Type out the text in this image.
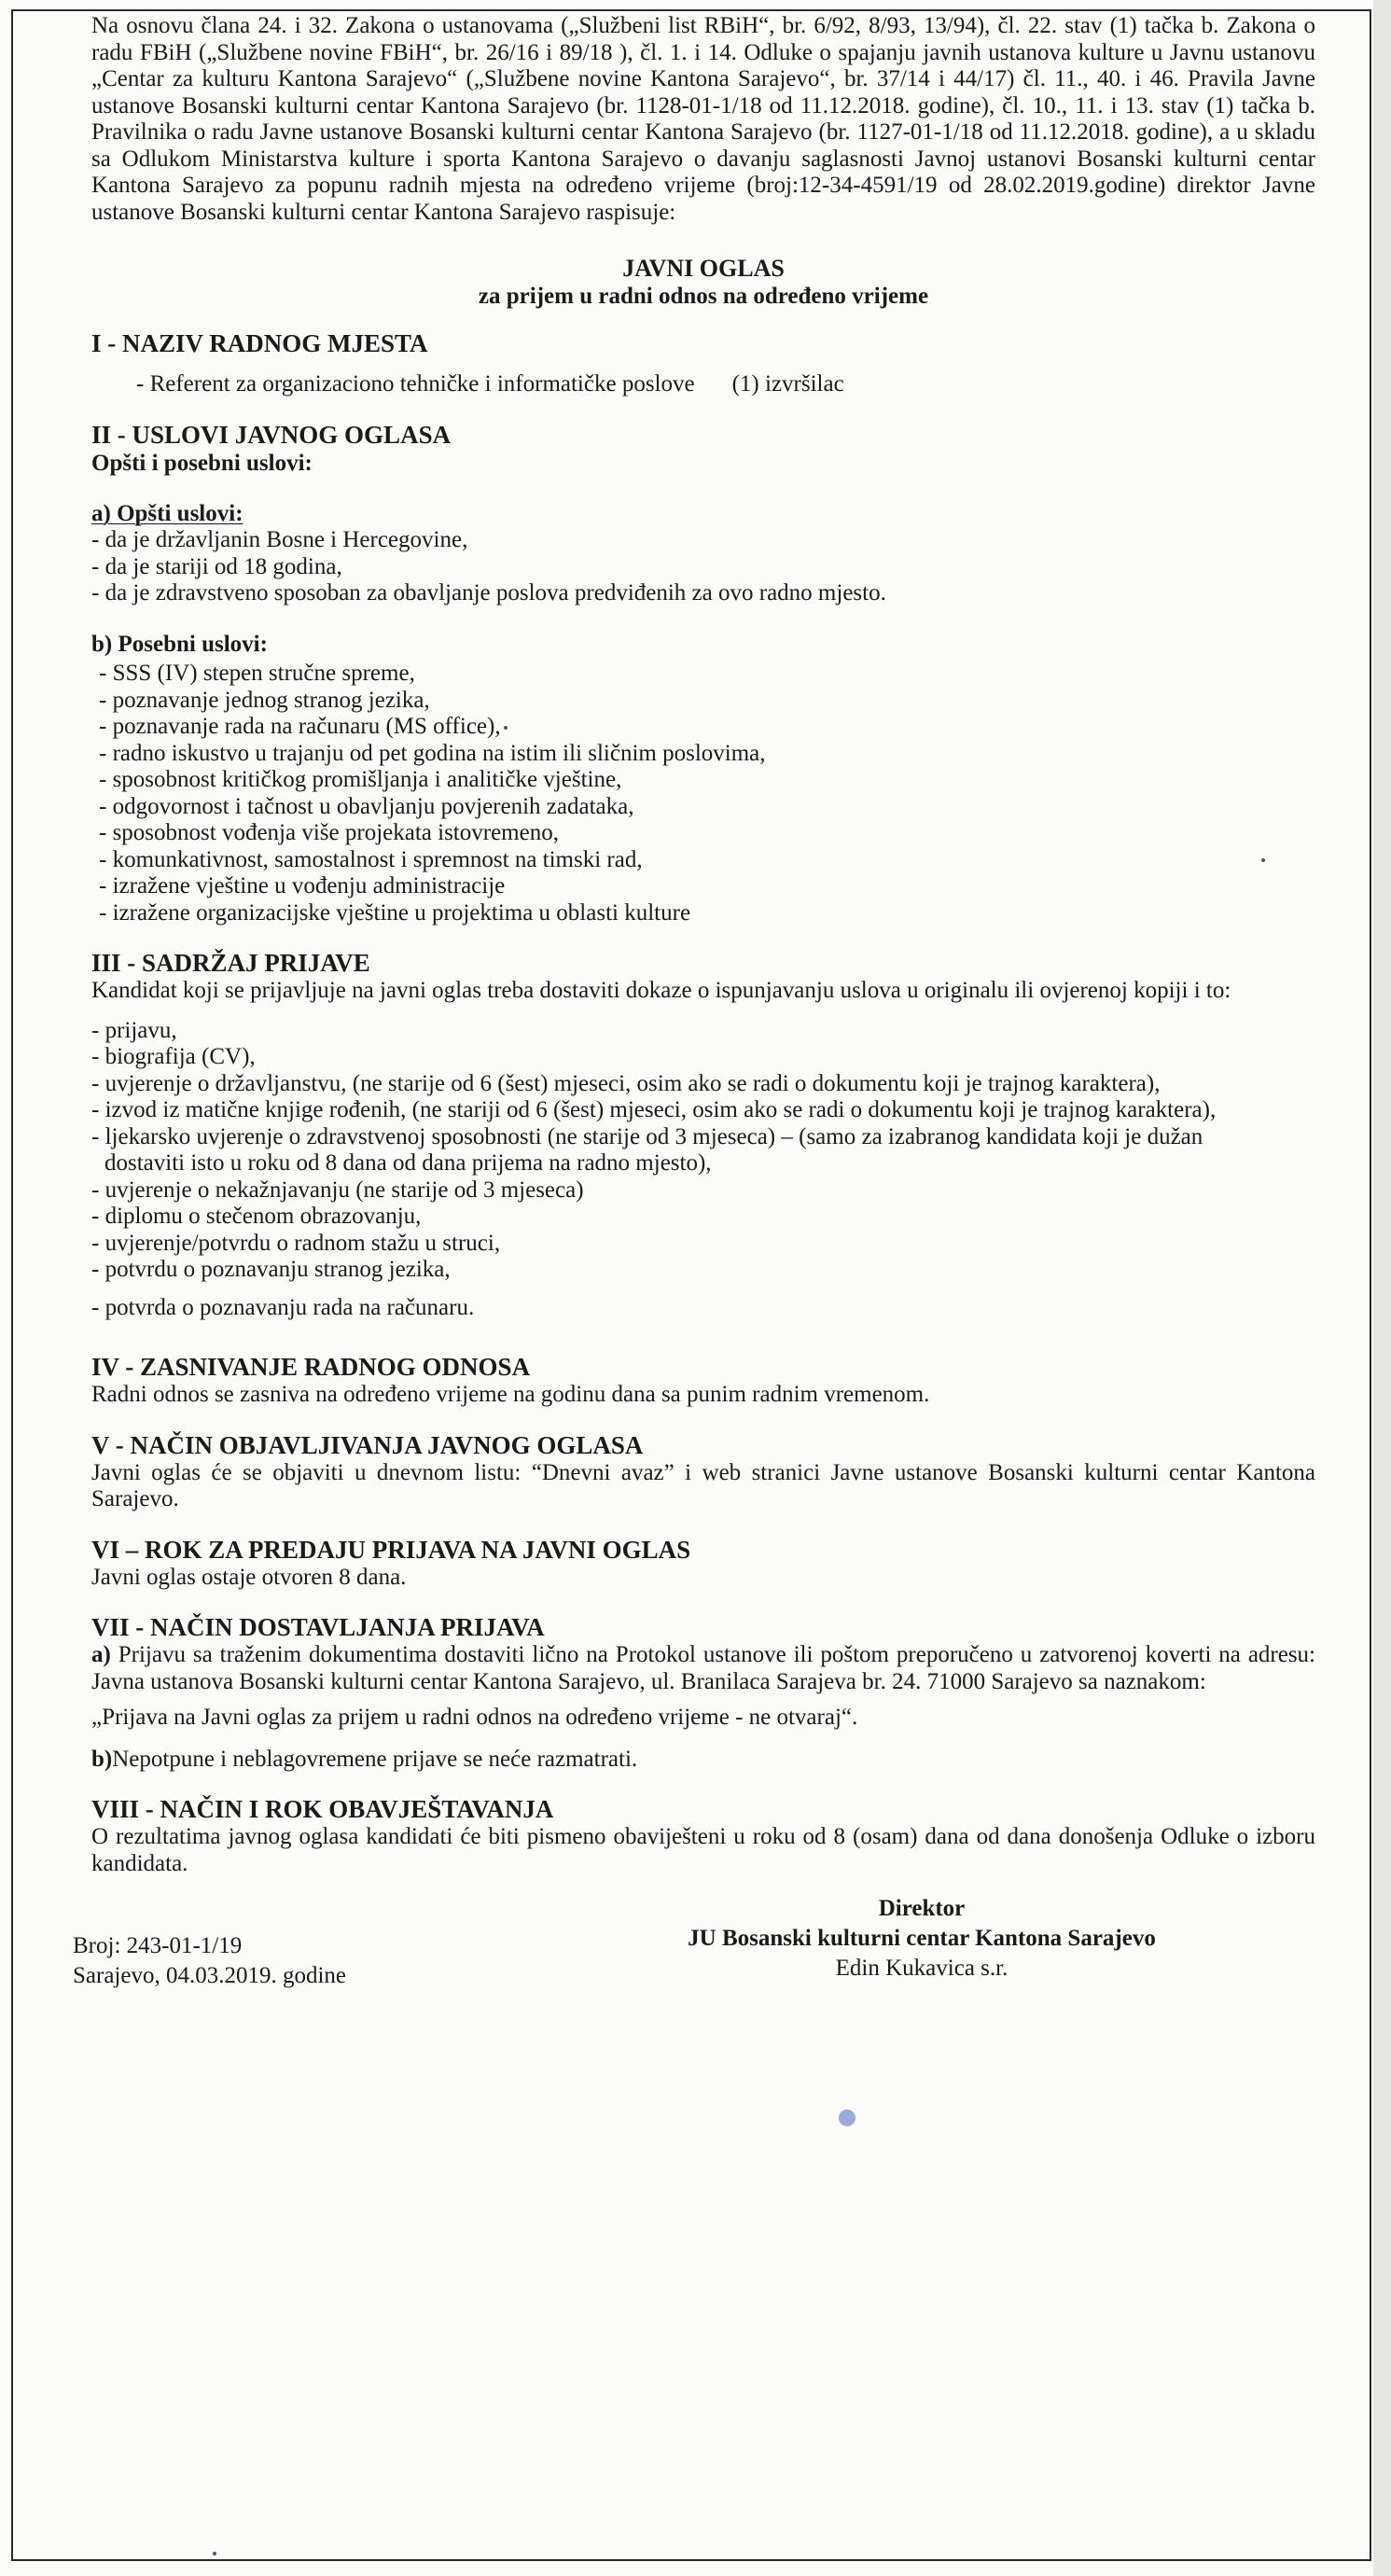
Na osnovu člana 24. i 32. Zakona o ustanovama („Službeni list RBiH“, br. 6/92, 8/93, 13/94), čl. 22. stav (1) tačka b. Zakona o radu FBiH („Službene novine FBiH“, br. 26/16 i 89/18 ), čl. 1. i 14. Odluke o spajanju javnih ustanova kulture u Javnu ustanovu „Centar za kulturu Kantona Sarajevo“ („Službene novine Kantona Sarajevo“, br. 37/14 i 44/17) čl. 11., 40. i 46. Pravila Javne ustanove Bosanski kulturni centar Kantona Sarajevo (br. 1128-01-1/18 od 11.12.2018. godine), čl. 10., 11. i 13. stav (1) tačka b. Pravilnika o radu Javne ustanove Bosanski kulturni centar Kantona Sarajevo (br. 1127-01-1/18 od 11.12.2018. godine), a u skladu sa Odlukom Ministarstva kulture i sporta Kantona Sarajevo o davanju saglasnosti Javnoj ustanovi Bosanski kulturni centar Kantona Sarajevo za popunu radnih mjesta na određeno vrijeme (broj:12-34-4591/19 od 28.02.2019.godine) direktor Javne ustanove Bosanski kulturni centar Kantona Sarajevo raspisuje:

JAVNI OGLAS
za prijem u radni odnos na određeno vrijeme
I - NAZIV RADNOG MJESTA
- Referent za organizaciono tehničke i informatičke poslove (1) izvršilac
II - USLOVI JAVNOG OGLASA
Opšti i posebni uslovi:
a) Opšti uslovi:
- da je državljanin Bosne i Hercegovine,
- da je stariji od 18 godina,
- da je zdravstveno sposoban za obavljanje poslova predviđenih za ovo radno mjesto.
b) Posebni uslovi:
- SSS (IV) stepen stručne spreme,
- poznavanje jednog stranog jezika,
- poznavanje rada na računaru (MS office),
- radno iskustvo u trajanju od pet godina na istim ili sličnim poslovima,
- sposobnost kritičkog promišljanja i analitičke vještine,
- odgovornost i tačnost u obavljanju povjerenih zadataka,
- sposobnost vođenja više projekata istovremeno,
- komunkativnost, samostalnost i spremnost na timski rad,
- izražene vještine u vođenju administracije
- izražene organizacijske vještine u projektima u oblasti kulture
III - SADRŽAJ PRIJAVE

Kandidat koji se prijavljuje na javni oglas treba dostaviti dokaze o ispunjavanju uslova u originalu ili ovjerenoj kopiji i to:

- prijavu,
- biografija (CV),
- uvjerenje o državljanstvu, (ne starije od 6 (šest) mjeseci, osim ako se radi o dokumentu koji je trajnog karaktera),
- izvod iz matične knjige rođenih, (ne stariji od 6 (šest) mjeseci, osim ako se radi o dokumentu koji je trajnog karaktera),
- ljekarsko uvjerenje o zdravstvenoj sposobnosti (ne starije od 3 mjeseca) – (samo za izabranog kandidata koji je dužan dostaviti isto u roku od 8 dana od dana prijema na radno mjesto),
- uvjerenje o nekažnjavanju (ne starije od 3 mjeseca)
- diplomu o stečenom obrazovanju,
- uvjerenje/potvrdu o radnom stažu u struci,
- potvrdu o poznavanju stranog jezika,
- potvrda o poznavanju rada na računaru.
IV - ZASNIVANJE RADNOG ODNOSA

Radni odnos se zasniva na određeno vrijeme na godinu dana sa punim radnim vremenom.

V - NAČIN OBJAVLJIVANJA JAVNOG OGLASA

Javni oglas će se objaviti u dnevnom listu: “Dnevni avaz” i web stranici Javne ustanove Bosanski kulturni centar Kantona Sarajevo.

VI – ROK ZA PREDAJU PRIJAVA NA JAVNI OGLAS

Javni oglas ostaje otvoren 8 dana.

VII - NAČIN DOSTAVLJANJA PRIJAVA

a) Prijavu sa traženim dokumentima dostaviti lično na Protokol ustanove ili poštom preporučeno u zatvorenoj koverti na adresu: Javna ustanova Bosanski kulturni centar Kantona Sarajevo, ul. Branilaca Sarajeva br. 24. 71000 Sarajevo sa naznakom:

„Prijava na Javni oglas za prijem u radni odnos na određeno vrijeme - ne otvaraj“.

b)Nepotpune i neblagovremene prijave se neće razmatrati.

VIII - NAČIN I ROK OBAVJEŠTAVANJA

O rezultatima javnog oglasa kandidati će biti pismeno obaviješteni u roku od 8 (osam) dana od dana donošenja Odluke o izboru kandidata.

Broj: 243-01-1/19
Sarajevo, 04.03.2019. godine
Direktor
JU Bosanski kulturni centar Kantona Sarajevo
Edin Kukavica s.r.
